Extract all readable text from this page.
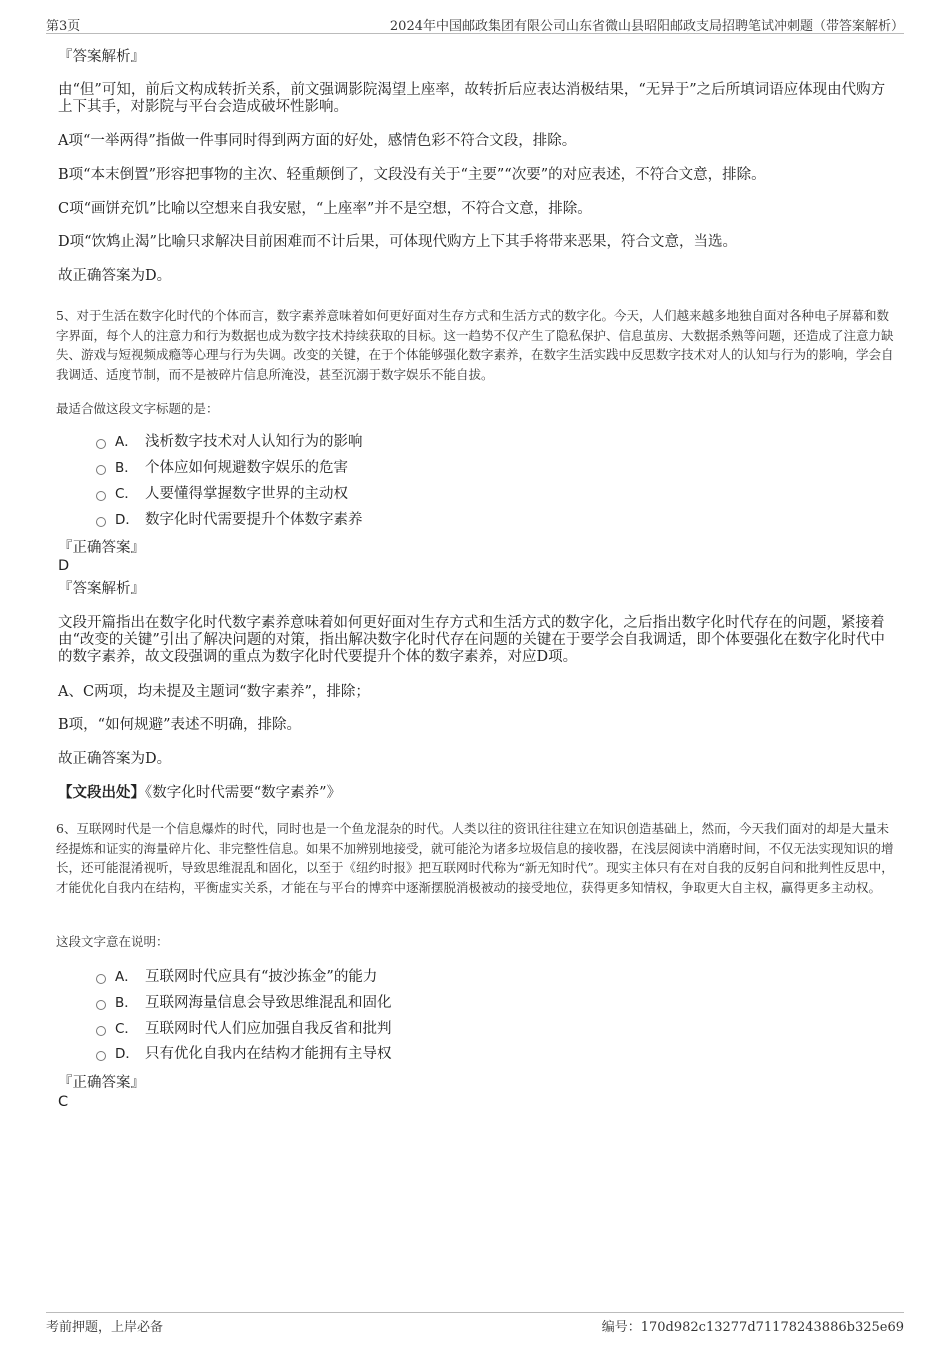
第3页	2024年中国邮政集团有限公司山东省微山县昭阳邮政支局招聘笔试冲刺题（带答案解析）
『答案解析』
由“但”可知，前后文构成转折关系，前文强调影院渴望上座率，故转折后应表达消极结果，“无异于”之后所填词语应体现由代购方上下其手，对影院与平台会造成破坏性影响。
A项“一举两得”指做一件事同时得到两方面的好处，感情色彩不符合文段，排除。
B项“本末倒置”形容把事物的主次、轻重颠倒了，文段没有关于“主要”“次要”的对应表述，不符合文意，排除。
C项“画饼充饥”比喻以空想来自我安慰，“上座率”并不是空想，不符合文意，排除。
D项“饮鸩止渴”比喻只求解决目前困难而不计后果，可体现代购方上下其手将带来恶果，符合文意，当选。
故正确答案为D。
5、对于生活在数字化时代的个体而言，数字素养意味着如何更好面对生存方式和生活方式的数字化。今天，人们越来越多地独自面对各种电子屏幕和数字界面，每个人的注意力和行为数据也成为数字技术持续获取的目标。这一趋势不仅产生了隐私保护、信息茧房、大数据杀熟等问题，还造成了注意力缺失、游戏与短视频成瘾等心理与行为失调。改变的关键，在于个体能够强化数字素养，在数字生活实践中反思数字技术对人的认知与行为的影响，学会自我调适、适度节制，而不是被碎片信息所淹没，甚至沉溺于数字娱乐不能自拔。
最适合做这段文字标题的是：
A． 浅析数字技术对人认知行为的影响
B． 个体应如何规避数字娱乐的危害
C． 人要懂得掌握数字世界的主动权
D． 数字化时代需要提升个体数字素养
『正确答案』
D
『答案解析』
文段开篇指出在数字化时代数字素养意味着如何更好面对生存方式和生活方式的数字化，之后指出数字化时代存在的问题，紧接着由“改变的关键”引出了解决问题的对策，指出解决数字化时代存在问题的关键在于要学会自我调适，即个体要强化在数字化时代中的数字素养，故文段强调的重点为数字化时代要提升个体的数字素养，对应D项。
A、C两项，均未提及主题词“数字素养”，排除；
B项，“如何规避”表述不明确，排除。
故正确答案为D。
【文段出处】《数字化时代需要“数字素养”》
6、互联网时代是一个信息爆炸的时代，同时也是一个鱼龙混杂的时代。人类以往的资讯往往建立在知识创造基础上，然而，今天我们面对的却是大量未经提炼和证实的海量碎片化、非完整性信息。如果不加辨别地接受，就可能沦为诸多垃圾信息的接收器，在浅层阅读中消磨时间，不仅无法实现知识的增长，还可能混淆视听，导致思维混乱和固化，以至于《纽约时报》把互联网时代称为“新无知时代”。现实主体只有在对自我的反躬自问和批判性反思中，才能优化自我内在结构，平衡虚实关系，才能在与平台的博弈中逐渐摆脱消极被动的接受地位，获得更多知情权，争取更大自主权，赢得更多主动权。
这段文字意在说明：
A． 互联网时代应具有“披沙拣金”的能力
B． 互联网海量信息会导致思维混乱和固化
C． 互联网时代人们应加强自我反省和批判
D． 只有优化自我内在结构才能拥有主导权
『正确答案』
C
考前押题，上岸必备	编号：170d982c13277d71178243886b325e69
